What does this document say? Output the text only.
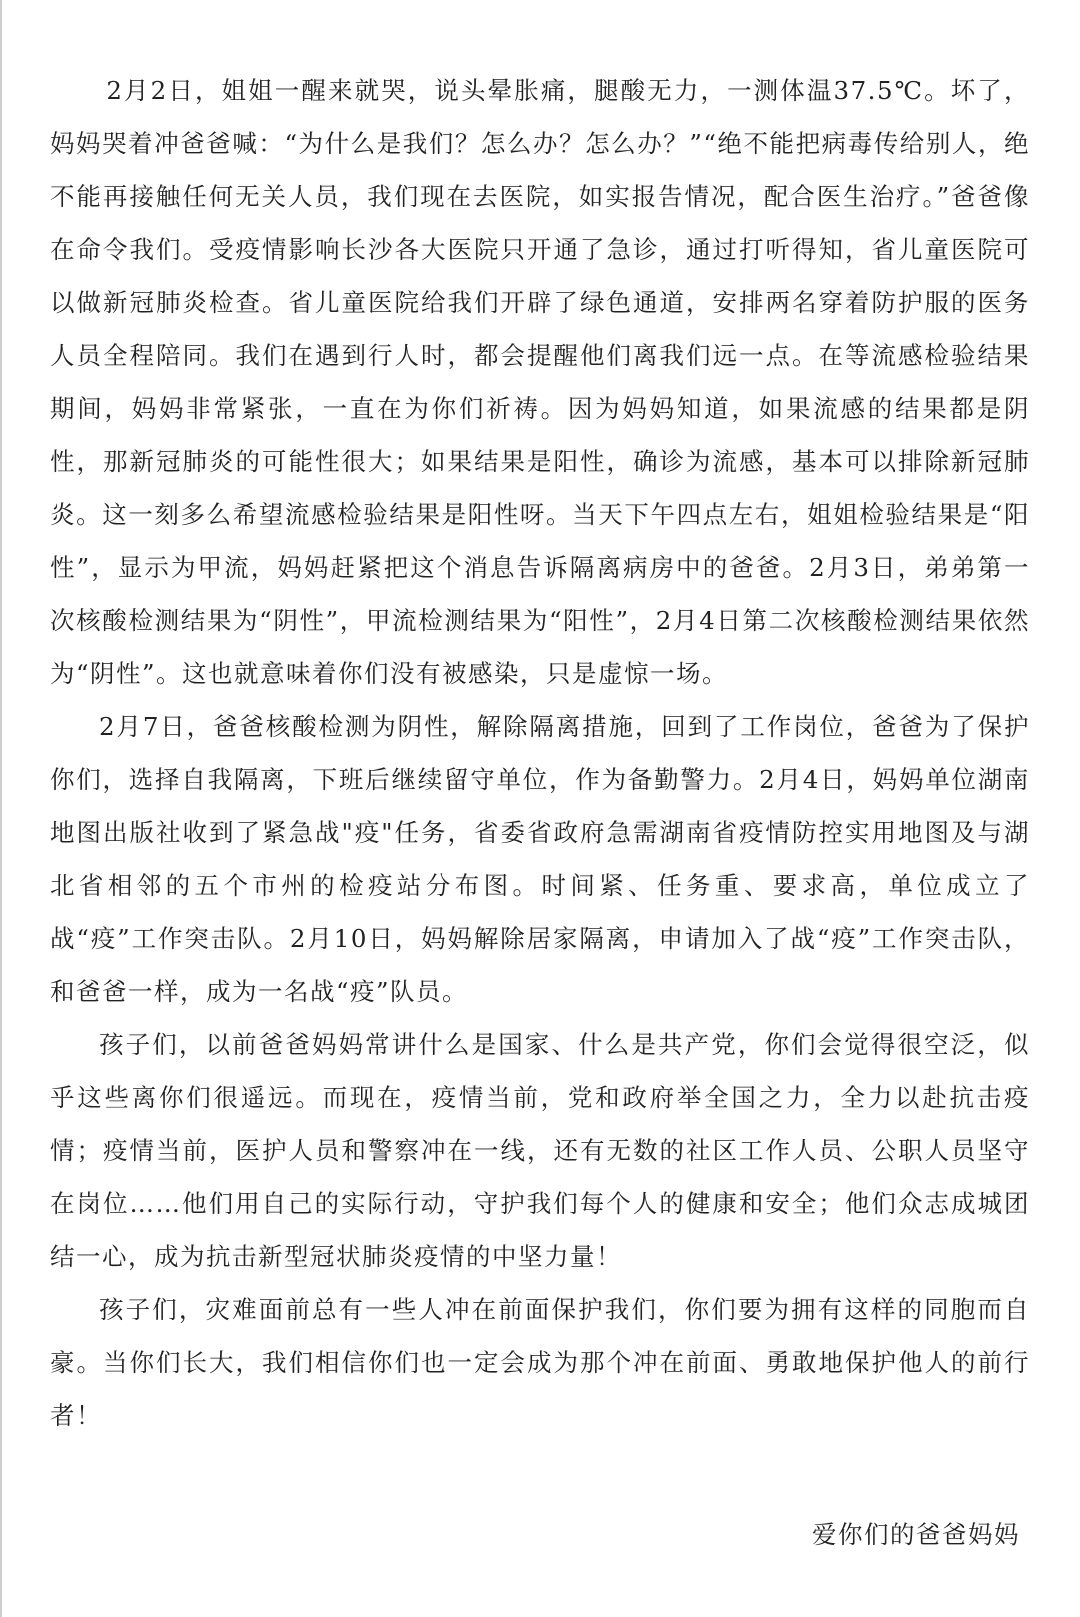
2月2日，姐姐一醒来就哭，说头晕胀痛，腿酸无力，一测体温37.5℃。坏了，妈妈哭着冲爸爸喊：“为什么是我们？怎么办？怎么办？”“绝不能把病毒传给别人，绝不能再接触任何无关人员，我们现在去医院，如实报告情况，配合医生治疗。”爸爸像在命令我们。受疫情影响长沙各大医院只开通了急诊，通过打听得知，省儿童医院可以做新冠肺炎检查。省儿童医院给我们开辟了绿色通道，安排两名穿着防护服的医务人员全程陪同。我们在遇到行人时，都会提醒他们离我们远一点。在等流感检验结果期间，妈妈非常紧张，一直在为你们祈祷。因为妈妈知道，如果流感的结果都是阴性，那新冠肺炎的可能性很大；如果结果是阳性，确诊为流感，基本可以排除新冠肺炎。这一刻多么希望流感检验结果是阳性呀。当天下午四点左右，姐姐检验结果是“阳性”，显示为甲流，妈妈赶紧把这个消息告诉隔离病房中的爸爸。2月3日，弟弟第一次核酸检测结果为“阴性”，甲流检测结果为“阳性”，2月4日第二次核酸检测结果依然为“阴性”。这也就意味着你们没有被感染，只是虚惊一场。

2月7日，爸爸核酸检测为阴性，解除隔离措施，回到了工作岗位，爸爸为了保护你们，选择自我隔离，下班后继续留守单位，作为备勤警力。2月4日，妈妈单位湖南地图出版社收到了紧急战"疫"任务，省委省政府急需湖南省疫情防控实用地图及与湖北省相邻的五个市州的检疫站分布图。时间紧、任务重、要求高，单位成立了战“疫”工作突击队。2月10日，妈妈解除居家隔离，申请加入了战“疫”工作突击队，和爸爸一样，成为一名战“疫”队员。

孩子们，以前爸爸妈妈常讲什么是国家、什么是共产党，你们会觉得很空泛，似乎这些离你们很遥远。而现在，疫情当前，党和政府举全国之力，全力以赴抗击疫情；疫情当前，医护人员和警察冲在一线，还有无数的社区工作人员、公职人员坚守在岗位……他们用自己的实际行动，守护我们每个人的健康和安全；他们众志成城团结一心，成为抗击新型冠状肺炎疫情的中坚力量！

孩子们，灾难面前总有一些人冲在前面保护我们，你们要为拥有这样的同胞而自豪。当你们长大，我们相信你们也一定会成为那个冲在前面、勇敢地保护他人的前行者！

爱你们的爸爸妈妈
